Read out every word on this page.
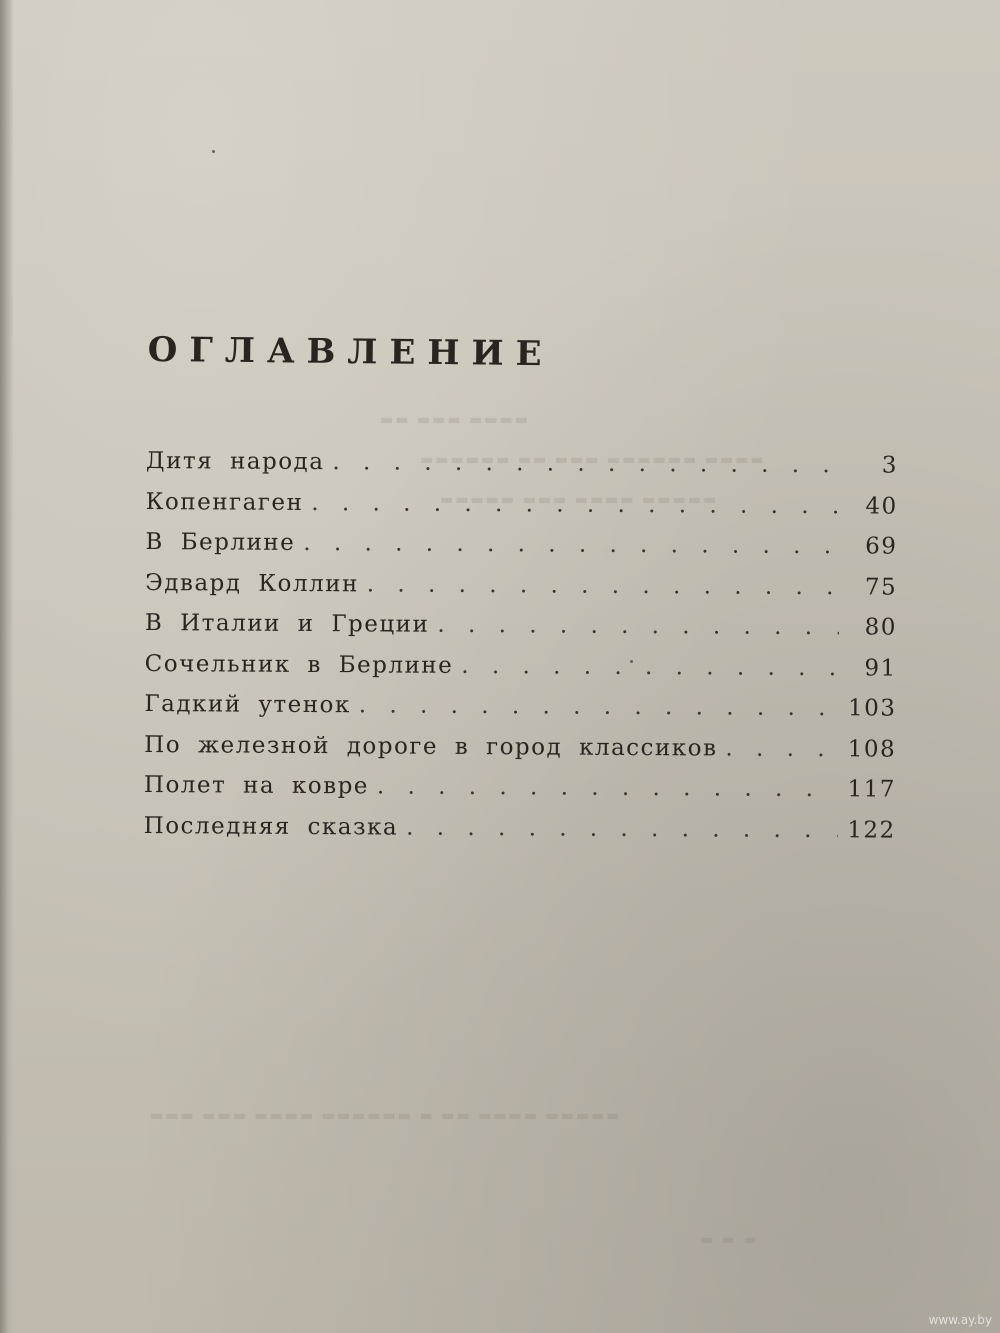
▬▬ ▬▬▬ ▬▬▬▬
▬▬▬▬▬▬ ▬▬ ▬▬▬ ▬▬▬▬▬▬ ▬▬▬▬
▬▬▬▬▬ ▬▬▬ ▬▬▬▬ ▬▬▬▬▬
▬▬▬ ▬▬▬ ▬▬▬▬ ▬▬▬▬▬▬ ▬ ▬▬ ▬▬▬▬ ▬▬▬▬▬
▬ ▬ ▬
ОГЛАВЛЕНИЕ
Дитя народа . . .	3
Копенгаген . . .	40
В Берлине . . .	69
Эдвард Коллин . . .	75
В Италии и Греции . . .	80
Сочельник в Берлине . . .	91
Гадкий утенок . . .	103
По железной дороге в город классиков . . .	108
Полет на ковре . . .	117
Последняя сказка . . .	122
www.ay.by
